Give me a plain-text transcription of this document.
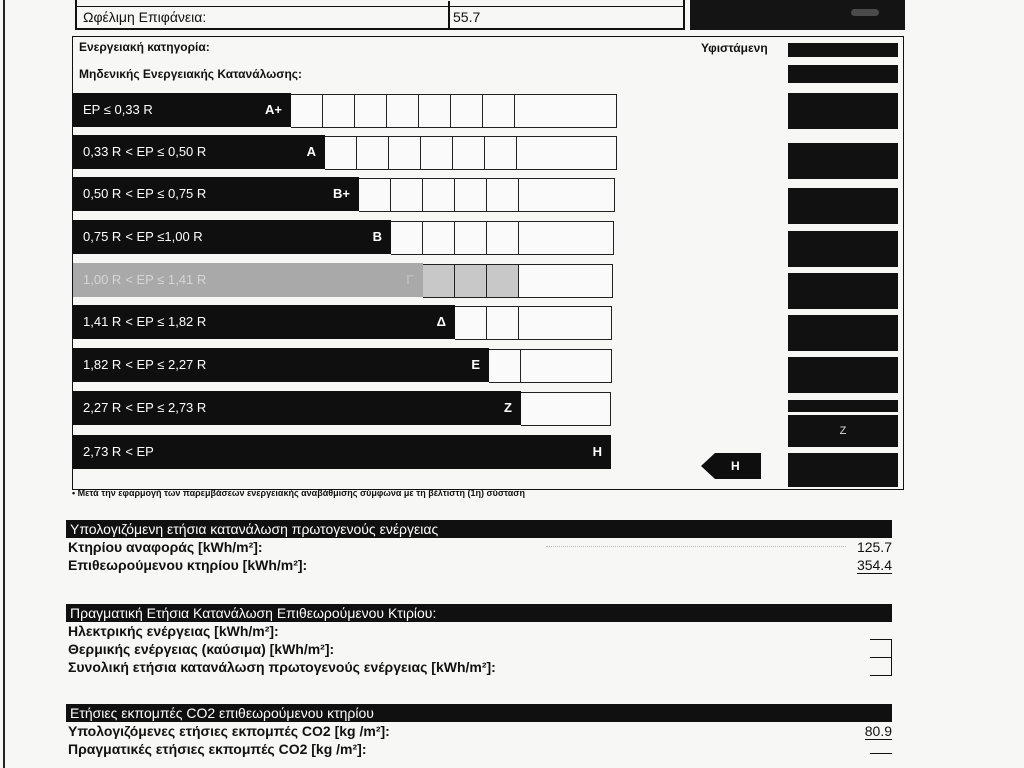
Ωφέλιμη Επιφάνεια:	55.7
Ενεργειακή κατηγορία:
Μηδενικής Ενεργειακής Κατανάλωσης:
Υφιστάμενη
EP ≤ 0,33 R	A+
0,33 R < EP ≤ 0,50 R	A
0,50 R < EP ≤ 0,75 R	B+
0,75 R < EP ≤1,00 R	B
1,00 R < EP ≤ 1,41 R	Γ
1,41 R < EP ≤ 1,82 R	Δ
1,82 R < EP ≤ 2,27 R	E
2,27 R < EP ≤ 2,73 R	Z
2,73 R < EP	H
Z
H
• Μετά την εφαρμογή των παρεμβάσεων ενεργειακής αναβάθμισης σύμφωνα με τη βέλτιστη (1η) σύσταση
Υπολογιζόμενη ετήσια κατανάλωση πρωτογενούς ενέργειας
Κτηρίου αναφοράς [kWh/m²]:	125.7
Επιθεωρούμενου κτηρίου [kWh/m²]:	354.4
Πραγματική Ετήσια Κατανάλωση Επιθεωρούμενου Κτιρίου:
Ηλεκτρικής ενέργειας [kWh/m²]:
Θερμικής ενέργειας (καύσιμα) [kWh/m²]:
Συνολική ετήσια κατανάλωση πρωτογενούς ενέργειας [kWh/m²]:
Ετήσιες εκπομπές CO2 επιθεωρούμενου κτηρίου
Υπολογιζόμενες ετήσιες εκπομπές CO2 [kg /m²]:	80.9
Πραγματικές ετήσιες εκπομπές CO2 [kg /m²]:
